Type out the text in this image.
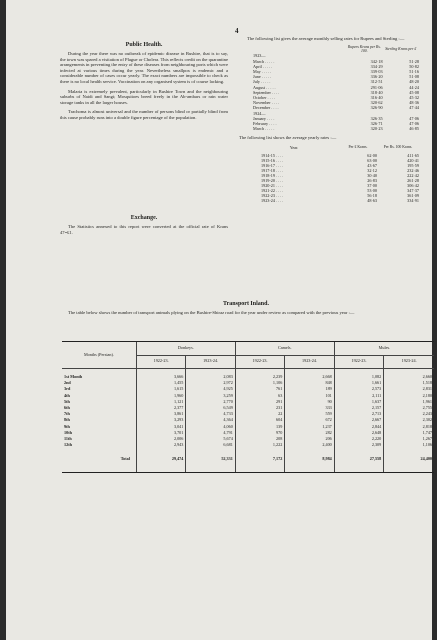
4
Public Health.

During the year there was no outbreak of epidemic disease in Bushire, that is to say, the town was spared a visitation of Plague or Cholera. This reflects credit on the quarantine arrangements in preventing the entry of these diseases from neighbouring ports which were infected at various times during the year. Nevertheless smallpox is endemic and a considerable number of cases occur yearly. The exact numbers are impossible to check as there is no local health service. Vaccination on any organised system is of course lacking.

Malaria is extremely prevalent, particularly in Bushire Town and the neighbouring suburbs of Naidi and Sangi; Mosquitoes breed freely in the Ab-ambars or rain water storage tanks in all the larger houses.

Trachoma is almost universal and the number of persons blind or partially blind from this cause probably runs into a double figure percentage of the population.

Exchange.

The Statistics annexed to this report were converted at the official rate of Krans 47=£1.

The following list gives the average monthly selling rates for Rupees and Sterling :—

	Rupees Krans per Rs. 100.	Sterling Krans per £
1923—		
March . . . . .	342·18	51·28
April . . . . .	334·29	50·82
May . . . . .	339·03	51·16
June . . . . .	336·20	51·08
July . . . . .	312·51	48·20
August . . . . .	291·06	44·24
September . . . .	318·40	45·08
October . . . .	316·40	45·32
November . . . .	320·62	48·36
December . . . .	326·90	47·44
1924—		
January . . . .	326·35	47·06
February . . . .	326·71	47·06
March . . . . .	320·23	46·85

The following list shows the average yearly rates :—

Year.	Per £ Krans.	Per Rs. 100 Krans.

1914-15 . . . .	62·00	411·65
1915-16 . . . .	63·00	420·41
1916-17 . . . .	43·67	195·59
1917-18 . . . .	32·12	232·46
1918-19 . . . .	30·40	222·42
1919-20 . . . .	26·83	261·28
1920-21 . . . .	37·00	306·42
1921-22 . . . .	53·00	347·37
1922-23 . . . .	56·18	361·09
1923-24 . . . .	48·63	334·91
Transport Inland.

The table below shows the number of transport animals plying on the Bushire-Shiraz road for the year under review as compared with the previous year :—

Months (Persian).	Donkeys.		Camels.		Mules.	
	1922-23.	1923-24.	1922-23.	1923-24.	1922-23.	1923-24.

1st Month	3,666	2,083	2,239	2,668	1,082	2,660
2nd	1,455	2,972	1,106	848	1,661	1,518
3rd	1,615	4,925	761	189	2,573	2,831
4th	1,960	3,259	63	101	2,111	2,180
5th	1,121	2,770	291	90	1,637	1,961
6th	2,377	6,549	231	333	2,157	2,755
7th	3,861	4,733	22	559	2,713	2,243
8th	3,293	4,364	604	672	2,667	2,302
9th	3,041	4,060	139	1,237	2,844	2,818
10th	3,701	4,791	970	282	2,648	1,747
11th	2,006	5,674	208	206	2,220	1,267
12th	2,943	6,681	1,222	2,400	2,309	1,106

Total	29,474	52,331	7,172	8,984	27,558	24,400
